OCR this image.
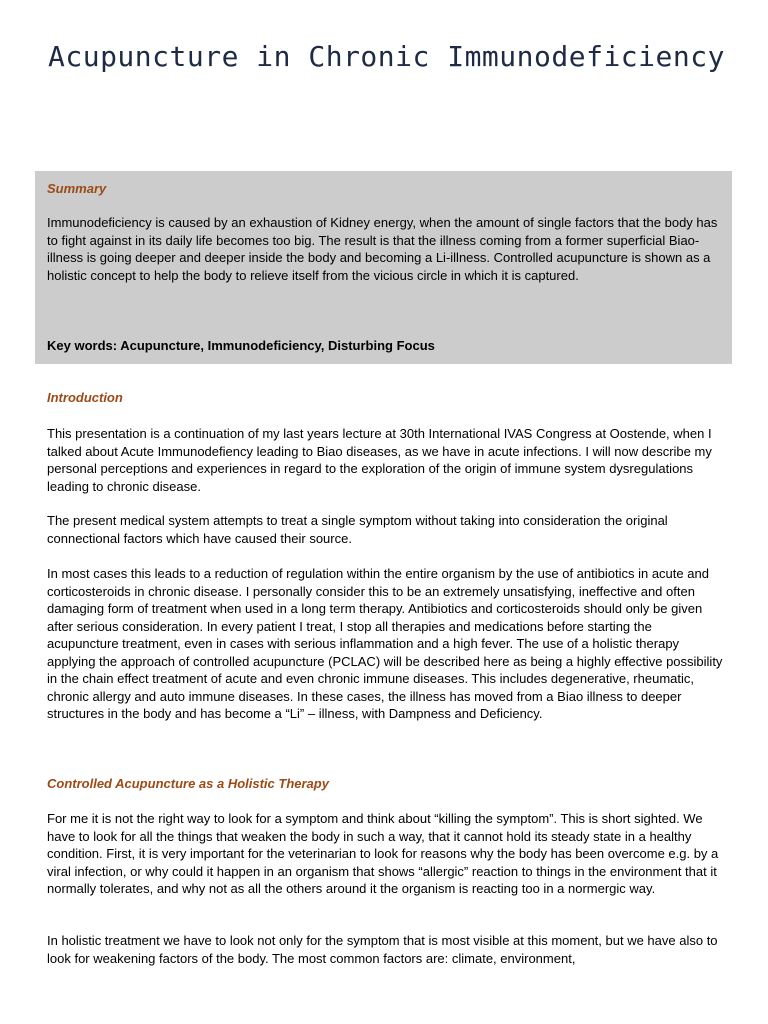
Acupuncture in Chronic Immunodeficiency
Summary

Immunodeficiency is caused by an exhaustion of Kidney energy, when the amount of single factors that the body has to fight against in its daily life becomes too big. The result is that the illness coming from a former superficial Biao- illness is going deeper and deeper inside the body and becoming a Li-illness. Controlled acupuncture is shown as a holistic concept to help the body to relieve itself from the vicious circle in which it is captured.

Key words: Acupuncture, Immunodeficiency, Disturbing Focus

Introduction

This presentation is a continuation of my last years lecture at 30th International IVAS Congress at Oostende, when I talked about Acute Immunodefiency leading to Biao diseases, as we have in acute infections. I will now describe my personal perceptions and experiences in regard to the exploration of the origin of immune system dysregulations leading to chronic disease.

The present medical system attempts to treat a single symptom without taking into consideration the original connectional factors which have caused their source.

In most cases this leads to a reduction of regulation within the entire organism by the use of antibiotics in acute and corticosteroids in chronic disease. I personally consider this to be an extremely unsatisfying, ineffective and often damaging form of treatment when used in a long term therapy. Antibiotics and corticosteroids should only be given after serious consideration. In every patient I treat, I stop all therapies and medications before starting the acupuncture treatment, even in cases with serious inflammation and a high fever. The use of a holistic therapy applying the approach of controlled acupuncture (PCLAC) will be described here as being a highly effective possibility in the chain effect treatment of acute and even chronic immune diseases. This includes degenerative, rheumatic, chronic allergy and auto immune diseases. In these cases, the illness has moved from a Biao illness to deeper structures in the body and has become a “Li” – illness, with Dampness and Deficiency.

Controlled Acupuncture as a Holistic Therapy

For me it is not the right way to look for a symptom and think about “killing the symptom”. This is short sighted. We have to look for all the things that weaken the body in such a way, that it cannot hold its steady state in a healthy condition. First, it is very important for the veterinarian to look for reasons why the body has been overcome e.g. by a viral infection, or why could it happen in an organism that shows “allergic” reaction to things in the environment that it normally tolerates, and why not as all the others around it the organism is reacting too in a normergic way.

In holistic treatment we have to look not only for the symptom that is most visible at this moment, but we have also to look for weakening factors of the body. The most common factors are: climate, environment,
